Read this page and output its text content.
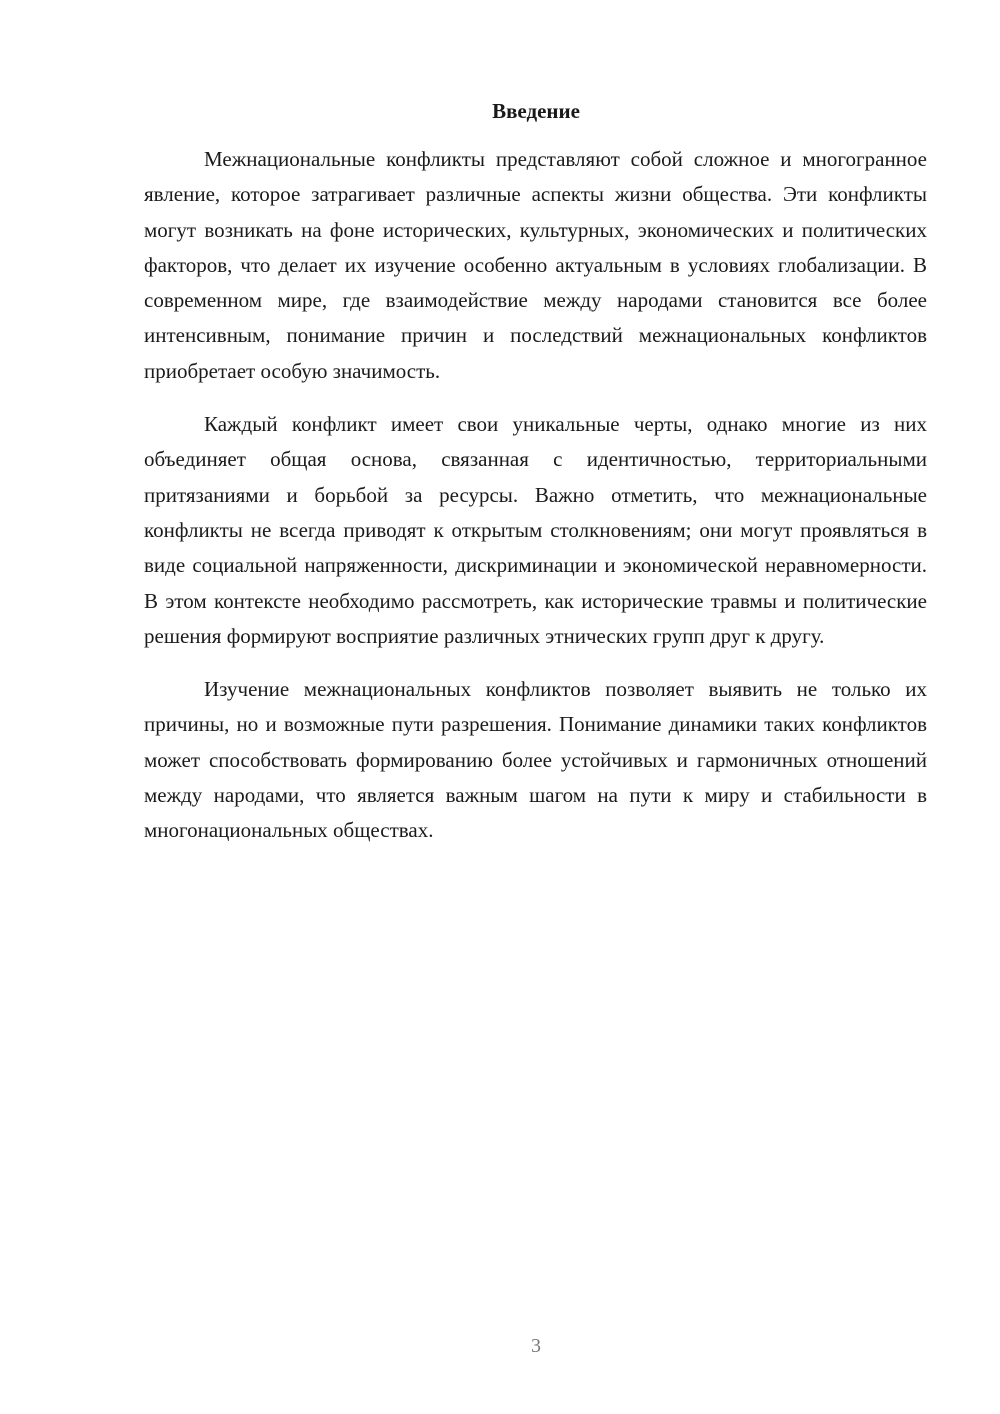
Введение

Межнациональные конфликты представляют собой сложное и многогранное явление, которое затрагивает различные аспекты жизни общества. Эти конфликты могут возникать на фоне исторических, культурных, экономических и политических факторов, что делает их изучение особенно актуальным в условиях глобализации. В современном мире, где взаимодействие между народами становится все более интенсивным, понимание причин и последствий межнациональных конфликтов приобретает особую значимость.

Каждый конфликт имеет свои уникальные черты, однако многие из них объединяет общая основа, связанная с идентичностью, территориальными притязаниями и борьбой за ресурсы. Важно отметить, что межнациональные конфликты не всегда приводят к открытым столкновениям; они могут проявляться в виде социальной напряженности, дискриминации и экономической неравномерности. В этом контексте необходимо рассмотреть, как исторические травмы и политические решения формируют восприятие различных этнических групп друг к другу.

Изучение межнациональных конфликтов позволяет выявить не только их причины, но и возможные пути разрешения. Понимание динамики таких конфликтов может способствовать формированию более устойчивых и гармоничных отношений между народами, что является важным шагом на пути к миру и стабильности в многонациональных обществах.

3
